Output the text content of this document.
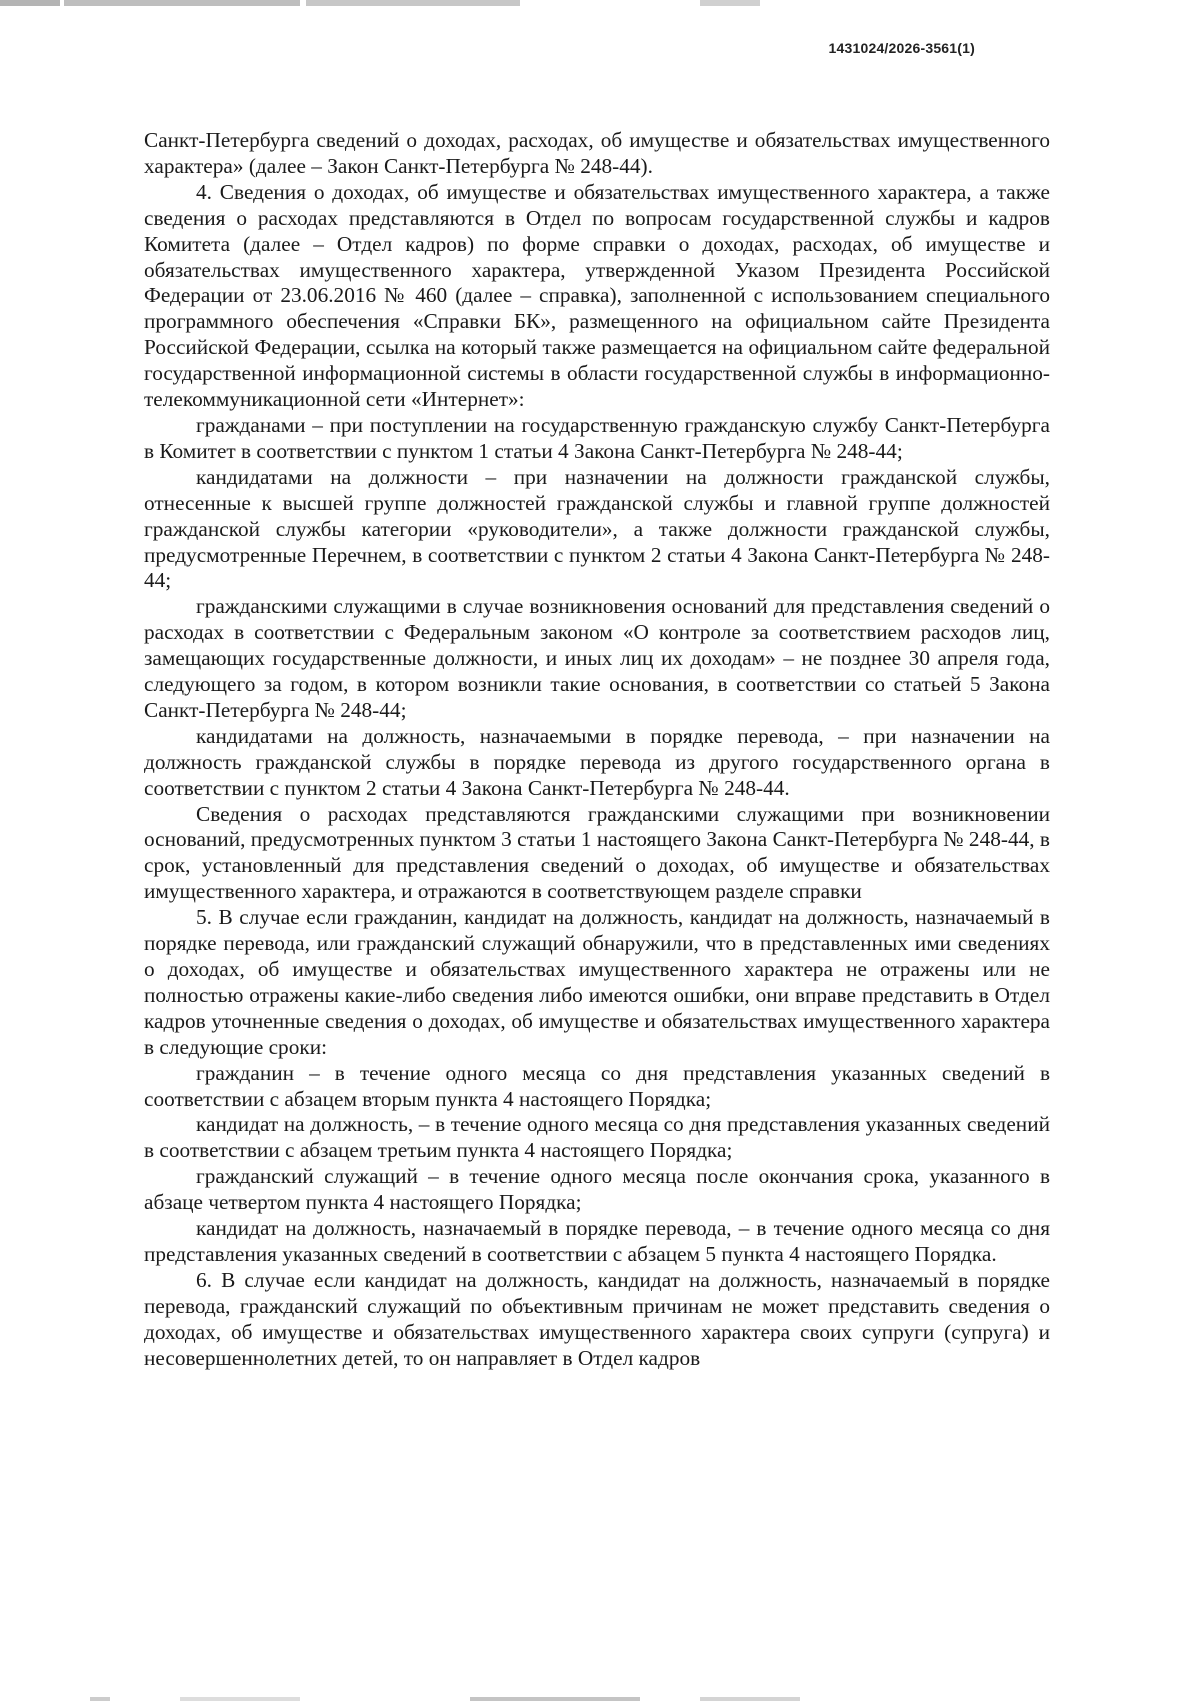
1431024/2026-3561(1)

Санкт-Петербурга сведений о доходах, расходах, об имуществе и обязательствах имущественного характера» (далее – Закон Санкт-Петербурга № 248-44).

4. Сведения о доходах, об имуществе и обязательствах имущественного характера, а также сведения о расходах представляются в Отдел по вопросам государственной службы и кадров Комитета (далее – Отдел кадров) по форме справки о доходах, расходах, об имуществе и обязательствах имущественного характера, утвержденной Указом Президента Российской Федерации от 23.06.2016 № 460 (далее – справка), заполненной с использованием специального программного обеспечения «Справки БК», размещенного на официальном сайте Президента Российской Федерации, ссылка на который также размещается на официальном сайте федеральной государственной информационной системы в области государственной службы в информационно-телекоммуникационной сети «Интернет»:

гражданами – при поступлении на государственную гражданскую службу Санкт-Петербурга в Комитет в соответствии с пунктом 1 статьи 4 Закона Санкт-Петербурга № 248-44;

кандидатами на должности – при назначении на должности гражданской службы, отнесенные к высшей группе должностей гражданской службы и главной группе должностей гражданской службы категории «руководители», а также должности гражданской службы, предусмотренные Перечнем, в соответствии с пунктом 2 статьи 4 Закона Санкт-Петербурга № 248-44;

гражданскими служащими в случае возникновения оснований для представления сведений о расходах в соответствии с Федеральным законом «О контроле за соответствием расходов лиц, замещающих государственные должности, и иных лиц их доходам» – не позднее 30 апреля года, следующего за годом, в котором возникли такие основания, в соответствии со статьей 5 Закона Санкт-Петербурга № 248-44;

кандидатами на должность, назначаемыми в порядке перевода, – при назначении на должность гражданской службы в порядке перевода из другого государственного органа в соответствии с пунктом 2 статьи 4 Закона Санкт-Петербурга № 248-44.

Сведения о расходах представляются гражданскими служащими при возникновении оснований, предусмотренных пунктом 3 статьи 1 настоящего Закона Санкт-Петербурга № 248-44, в срок, установленный для представления сведений о доходах, об имуществе и обязательствах имущественного характера, и отражаются в соответствующем разделе справки

5. В случае если гражданин, кандидат на должность, кандидат на должность, назначаемый в порядке перевода, или гражданский служащий обнаружили, что в представленных ими сведениях о доходах, об имуществе и обязательствах имущественного характера не отражены или не полностью отражены какие-либо сведения либо имеются ошибки, они вправе представить в Отдел кадров уточненные сведения о доходах, об имуществе и обязательствах имущественного характера в следующие сроки:

гражданин – в течение одного месяца со дня представления указанных сведений в соответствии с абзацем вторым пункта 4 настоящего Порядка;

кандидат на должность, – в течение одного месяца со дня представления указанных сведений в соответствии с абзацем третьим пункта 4 настоящего Порядка;

гражданский служащий – в течение одного месяца после окончания срока, указанного в абзаце четвертом пункта 4 настоящего Порядка;

кандидат на должность, назначаемый в порядке перевода, – в течение одного месяца со дня представления указанных сведений в соответствии с абзацем 5 пункта 4 настоящего Порядка.

6. В случае если кандидат на должность, кандидат на должность, назначаемый в порядке перевода, гражданский служащий по объективным причинам не может представить сведения о доходах, об имуществе и обязательствах имущественного характера своих супруги (супруга) и несовершеннолетних детей, то он направляет в Отдел кадров
